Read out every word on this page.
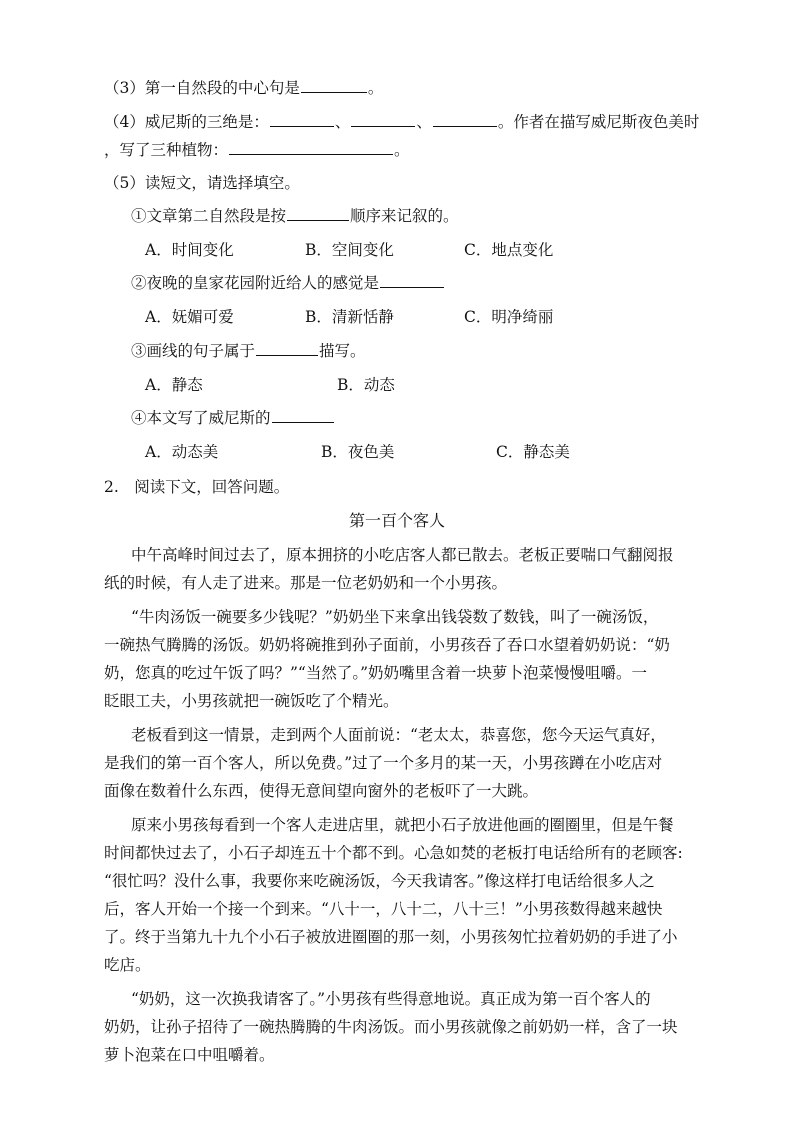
（3）第一自然段的中心句是	。
（4）威尼斯的三绝是：	、	、	。作者在描写威尼斯夜色美时
，写了三种植物：	。
（5）读短文，请选择填空。
①文章第二自然段是按	顺序来记叙的。
A．时间变化	B．空间变化	C．地点变化
②夜晚的皇家花园附近给人的感觉是
A．妩媚可爱	B．清新恬静	C．明净绮丽
③画线的句子属于	描写。
A．静态	B．动态
④本文写了威尼斯的
A．动态美	B．夜色美	C．静态美
2.　阅读下文，回答问题。
第一百个客人
中午高峰时间过去了，原本拥挤的小吃店客人都已散去。老板正要喘口气翻阅报
纸的时候，有人走了进来。那是一位老奶奶和一个小男孩。
“牛肉汤饭一碗要多少钱呢？”奶奶坐下来拿出钱袋数了数钱，叫了一碗汤饭，
一碗热气腾腾的汤饭。奶奶将碗推到孙子面前，小男孩吞了吞口水望着奶奶说：“奶
奶，您真的吃过午饭了吗？”“当然了。”奶奶嘴里含着一块萝卜泡菜慢慢咀嚼。一
眨眼工夫，小男孩就把一碗饭吃了个精光。
老板看到这一情景，走到两个人面前说：“老太太，恭喜您，您今天运气真好，
是我们的第一百个客人，所以免费。”过了一个多月的某一天，小男孩蹲在小吃店对
面像在数着什么东西，使得无意间望向窗外的老板吓了一大跳。
原来小男孩每看到一个客人走进店里，就把小石子放进他画的圈圈里，但是午餐
时间都快过去了，小石子却连五十个都不到。心急如焚的老板打电话给所有的老顾客:
“很忙吗？没什么事，我要你来吃碗汤饭，今天我请客。”像这样打电话给很多人之
后，客人开始一个接一个到来。“八十一，八十二，八十三！”小男孩数得越来越快
了。终于当第九十九个小石子被放进圈圈的那一刻，小男孩匆忙拉着奶奶的手进了小
吃店。
“奶奶，这一次换我请客了。”小男孩有些得意地说。真正成为第一百个客人的
奶奶，让孙子招待了一碗热腾腾的牛肉汤饭。而小男孩就像之前奶奶一样，含了一块
萝卜泡菜在口中咀嚼着。
